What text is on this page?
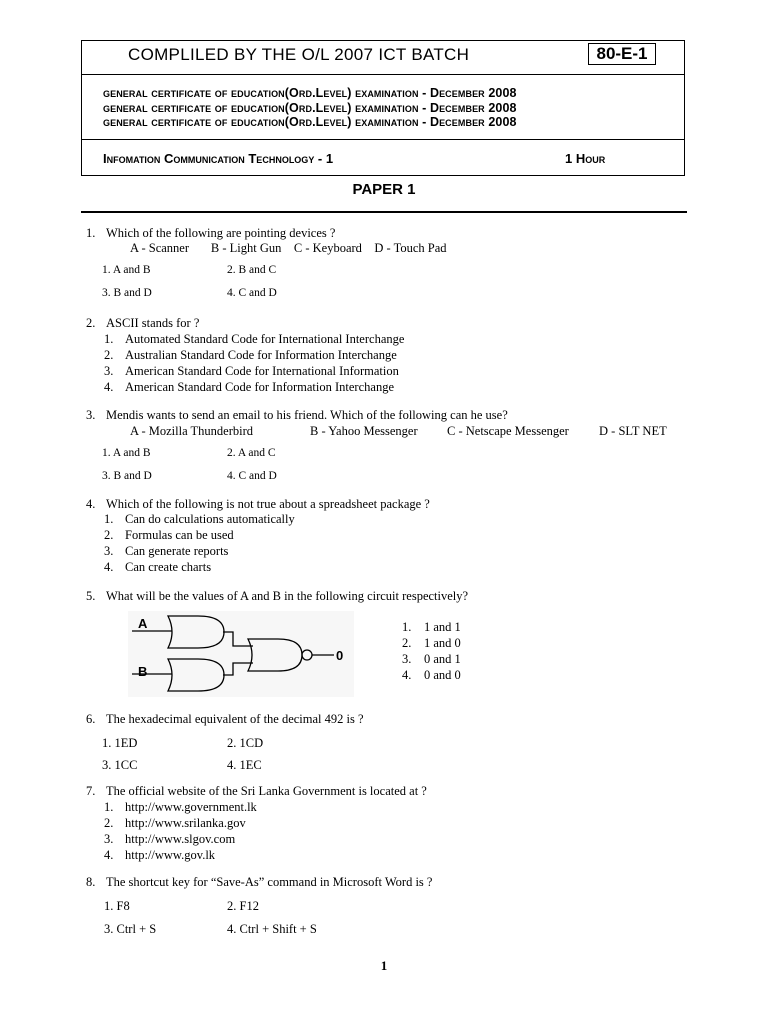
COMPLILED BY THE O/L 2007 ICT BATCH	80-E-1
general certificate of education(Ord.Level) examination - December 2008
general certificate of education(Ord.Level) examination - December 2008
general certificate of education(Ord.Level) examination - December 2008
Infomation Communication Technology - 1	1 Hour
PAPER 1
1. Which of the following are pointing devices ?
A - Scanner       B - Light Gun    C - Keyboard    D - Touch Pad
1. A and B	2. B and C
3. B and D	4. C and D
2. ASCII stands for ?
1. Automated Standard Code for International Interchange
2. Australian Standard Code for Information Interchange
3. American Standard Code for International Information
4. American Standard Code for Information Interchange
3. Mendis wants to send an email to his friend. Which of the following can he use?
A - Mozilla Thunderbird	B - Yahoo Messenger C - Netscape Messenger D - SLT NET
1. A and B	2. A and C
3. B and D	4. C and D
4. Which of the following is not true about a spreadsheet package ?
1. Can do calculations automatically
2. Formulas can be used
3. Can generate reports
4. Can create charts
5. What will be the values of A and B in the following circuit respectively?
A
B
0
1. 1 and 1
2. 1 and 0
3. 0 and 1
4. 0 and 0
6. The hexadecimal equivalent of the decimal 492 is ?
1. 1ED	2. 1CD
3. 1CC	4. 1EC
7. The official website of the Sri Lanka Government is located at ?
1. http://www.government.lk
2. http://www.srilanka.gov
3. http://www.slgov.com
4. http://www.gov.lk
8. The shortcut key for “Save-As” command in Microsoft Word is ?
1. F8	2. F12
3. Ctrl + S	4. Ctrl + Shift + S
1
